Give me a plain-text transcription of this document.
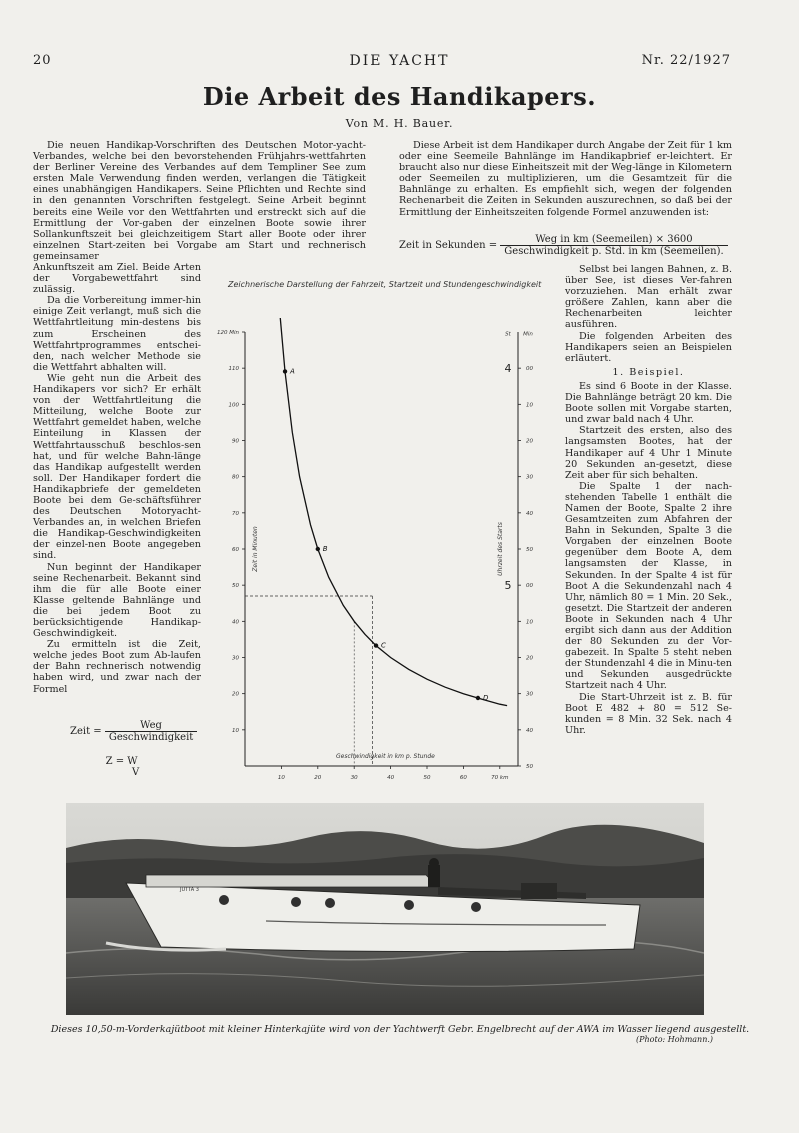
20	DIE YACHT	Nr. 22/1927
Die Arbeit des Handikapers.
Von M. H. Bauer.

Die neuen Handikap-Vorschriften des Deutschen Motor-yacht-Verbandes, welche bei den bevorstehenden Frühjahrs-wettfahrten der Berliner Vereine des Verbandes auf dem Templiner See zum ersten Male Verwendung finden werden, verlangen die Tätigkeit eines unabhängigen Handikapers. Seine Pflichten und Rechte sind in den genannten Vorschriften festgelegt. Seine Arbeit beginnt bereits eine Weile vor den Wettfahrten und erstreckt sich auf die Ermittlung der Vor-gaben der einzelnen Boote sowie ihrer Sollankunftszeit bei gleichzeitigem Start aller Boote oder ihrer einzelnen Start-zeiten bei Vorgabe am Start und rechnerisch gemeinsamer

Ankunftszeit am Ziel. Beide Arten der Vorgabewettfahrt sind zulässig.

Da die Vorbereitung immer-hin einige Zeit verlangt, muß sich die Wettfahrtleitung min-destens bis zum Erscheinen des Wettfahrtprogrammes entschei-den, nach welcher Methode sie die Wettfahrt abhalten will.

Wie geht nun die Arbeit des Handikapers vor sich? Er erhält von der Wettfahrtleitung die Mitteilung, welche Boote zur Wettfahrt gemeldet haben, welche Einteilung in Klassen der Wettfahrtausschuß beschlos-sen hat, und für welche Bahn-länge das Handikap aufgestellt werden soll. Der Handikaper fordert die Handikapbriefe der gemeldeten Boote bei dem Ge-schäftsführer des Deutschen Motoryacht-Verbandes an, in welchen Briefen die Handikap-Geschwindigkeiten der einzel-nen Boote angegeben sind.

Nun beginnt der Handikaper seine Rechenarbeit. Bekannt sind ihm die für alle Boote einer Klasse geltende Bahnlänge und die bei jedem Boot zu berücksichtigende Handikap-Geschwindigkeit.

Zu ermitteln ist die Zeit, welche jedes Boot zum Ab-laufen der Bahn rechnerisch notwendig haben wird, und zwar nach der Formel

Zeit = $\frac{\text{Weg}}{\text{Geschwindigkeit}}$
Z = W
V

Diese Arbeit ist dem Handikaper durch Angabe der Zeit für 1 km oder eine Seemeile Bahnlänge im Handikapbrief er-leichtert. Er braucht also nur diese Einheitszeit mit der Weg-länge in Kilometern oder Seemeilen zu multiplizieren, um die Gesamtzeit für die Bahnlänge zu erhalten. Es empfiehlt sich, wegen der folgenden Rechenarbeit die Zeiten in Sekunden auszurechnen, so daß bei der Ermittlung der Einheitszeiten folgende Formel anzuwenden ist:

Zeit in Sekunden = $\frac{\text{Weg in km (Seemeilen) × 3600}}{\text{Geschwindigkeit p. Std. in km (Seemeilen).}}$

Selbst bei langen Bahnen, z. B. über See, ist dieses Ver-fahren vorzuziehen. Man erhält zwar größere Zahlen, kann aber die Rechenarbeiten leichter ausführen.

Die folgenden Arbeiten des Handikapers seien an Beispielen erläutert.

1. Beispiel.

Es sind 6 Boote in der Klasse. Die Bahnlänge beträgt 20 km. Die Boote sollen mit Vorgabe starten, und zwar bald nach 4 Uhr.

Startzeit des ersten, also des langsamsten Bootes, hat der Handikaper auf 4 Uhr 1 Minute 20 Sekunden an-gesetzt, diese Zeit aber für sich behalten.

Die Spalte 1 der nach-stehenden Tabelle 1 enthält die Namen der Boote, Spalte 2 ihre Gesamtzeiten zum Abfahren der Bahn in Sekunden, Spalte 3 die Vorgaben der einzelnen Boote gegenüber dem Boote A, dem langsamsten der Klasse, in Sekunden. In der Spalte 4 ist für Boot A die Sekundenzahl nach 4 Uhr, nämlich 80 = 1 Min. 20 Sek., gesetzt. Die Startzeit der anderen Boote in Sekunden nach 4 Uhr ergibt sich dann aus der Addition der 80 Sekunden zu der Vor-gabezeit. In Spalte 5 steht neben der Stundenzahl 4 die in Minu-ten und Sekunden ausgedrückte Startzeit nach 4 Uhr.

Die Start-Uhrzeit ist z. B. für Boot E 482 + 80 = 512 Se-kunden = 8 Min. 32 Sek. nach 4 Uhr.

Zeichnerische Darstellung der Fahrzeit, Startzeit und Stundengeschwindigkeit
10
20
30
40
50
60
70
80
90
100
110
120 Min
10	20	30	40	50	60	70 km
St Min
00
4
10
20
30
40
50
00
5
10
20
30
40
50
Zeit in Minuten	Uhrzeit des Starts
Geschwindigkeit in km p. Stunde
A
B
C
D
JUTTA 3
Dieses 10,50-m-Vorderkajütboot mit kleiner Hinterkajüte wird von der Yachtwerft Gebr. Engelbrecht auf der AWA im Wasser liegend ausgestellt.
(Photo: Hohmann.)
